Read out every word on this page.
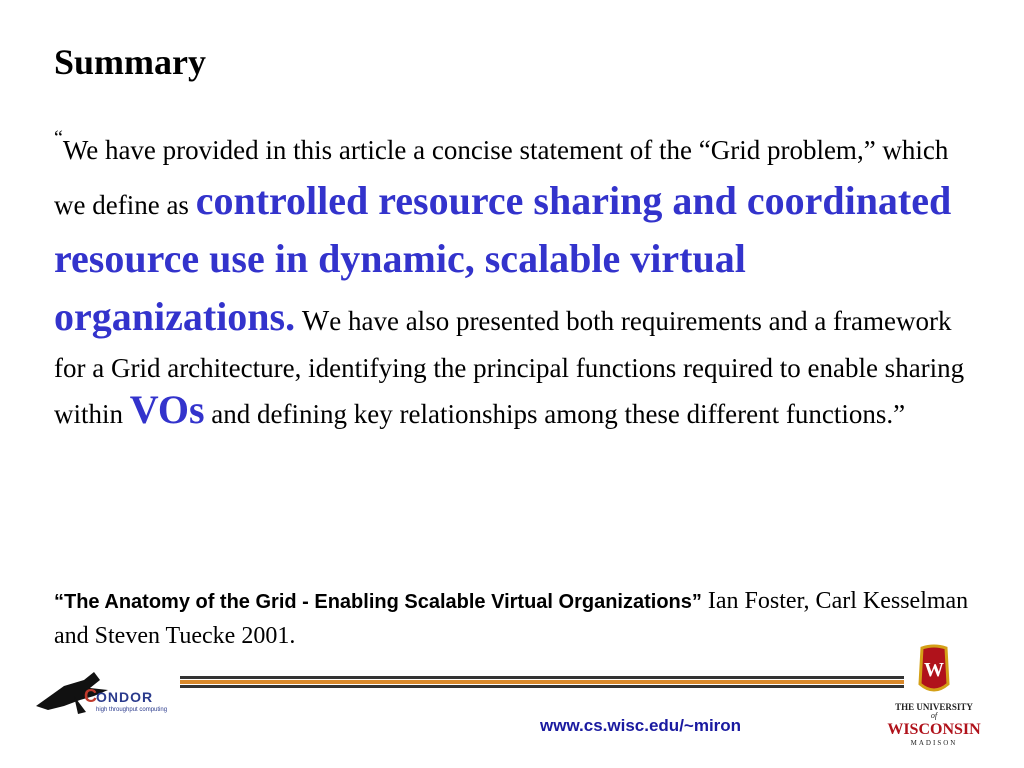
Summary
“We have provided in this article a concise statement of the “Grid problem,” which we define as controlled resource sharing and coordinated resource use in dynamic, scalable virtual organizations. We have also presented both requirements and a framework for a Grid architecture, identifying the principal functions required to enable sharing within VOs and defining key relationships among these different functions.”
“The Anatomy of the Grid - Enabling Scalable Virtual Organizations” Ian Foster, Carl Kesselman and Steven Tuecke 2001.
C ONDOR
high throughput computing
www.cs.wisc.edu/~miron
W
THE UNIVERSITY
of
WISCONSIN
MADISON
